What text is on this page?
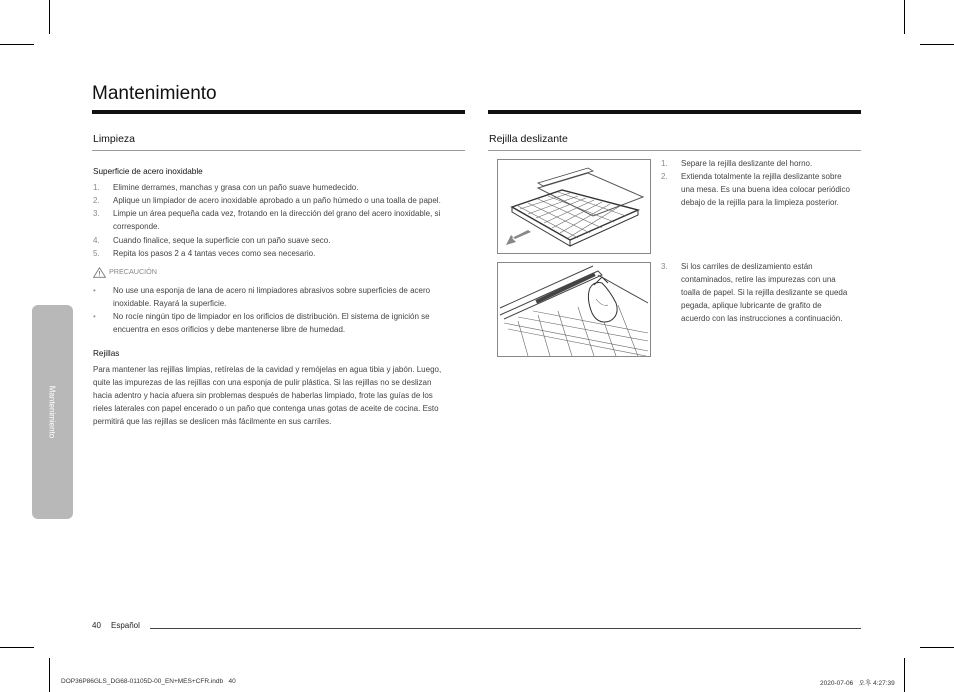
Mantenimiento
Mantenimiento
Limpieza
Superficie de acero inoxidable
1. Elimine derrames, manchas y grasa con un paño suave humedecido.
2. Aplique un limpiador de acero inoxidable aprobado a un paño húmedo o una toalla de papel.
3. Limpie un área pequeña cada vez, frotando en la dirección del grano del acero inoxidable, si
corresponde.
4. Cuando finalice, seque la superficie con un paño suave seco.
5. Repita los pasos 2 a 4 tantas veces como sea necesario.
PRECAUCIÓN
• No use una esponja de lana de acero ni limpiadores abrasivos sobre superficies de acero
inoxidable. Rayará la superficie.
• No rocíe ningún tipo de limpiador en los orificios de distribución. El sistema de ignición se
encuentra en esos orificios y debe mantenerse libre de humedad.
Rejillas
Para mantener las rejillas limpias, retírelas de la cavidad y remójelas en agua tibia y jabón. Luego,
quite las impurezas de las rejillas con una esponja de pulir plástica. Si las rejillas no se deslizan
hacia adentro y hacia afuera sin problemas después de haberlas limpiado, frote las guías de los
rieles laterales con papel encerado o un paño que contenga unas gotas de aceite de cocina. Esto
permitirá que las rejillas se deslicen más fácilmente en sus carriles.
Rejilla deslizante
1. Separe la rejilla deslizante del horno.
2. Extienda totalmente la rejilla deslizante sobre
una mesa. Es una buena idea colocar periódico
debajo de la rejilla para la limpieza posterior.
3. Si los carriles de deslizamiento están
contaminados, retire las impurezas con una
toalla de papel. Si la rejilla deslizante se queda
pegada, aplique lubricante de grafito de
acuerdo con las instrucciones a continuación.
40 Español
DOP36P86GLS_DG68-01105D-00_EN+MES+CFR.indb   40	2020-07-06   오후 4:27:39
